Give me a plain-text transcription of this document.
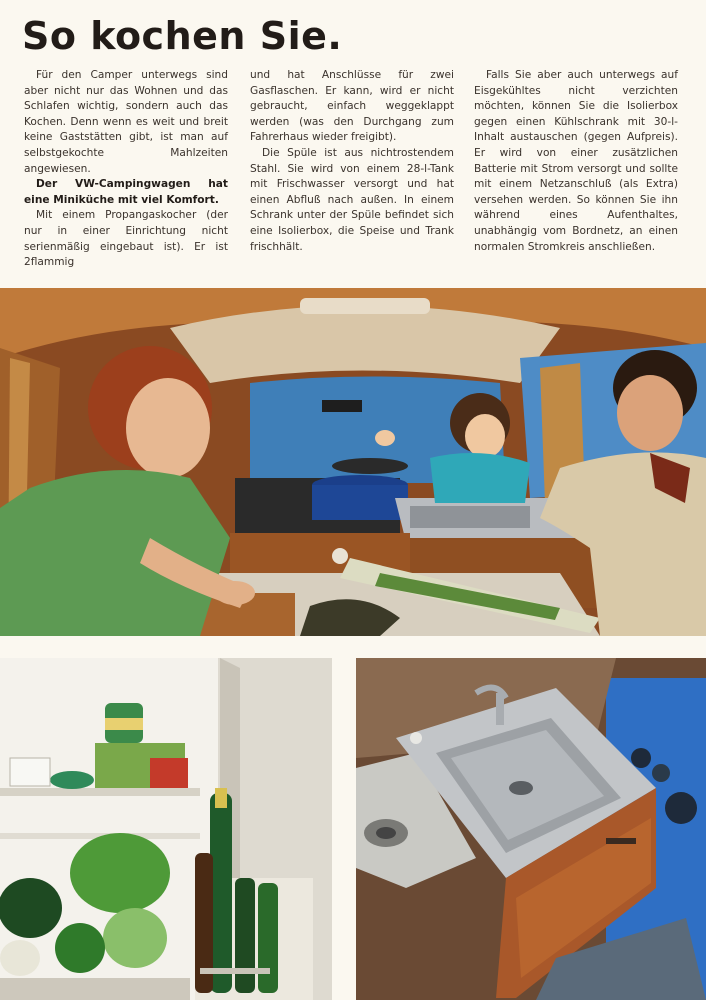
So kochen Sie.

Für den Camper unterwegs sind aber nicht nur das Wohnen und das Schlafen wichtig, sondern auch das Kochen. Denn wenn es weit und breit keine Gaststätten gibt, ist man auf selbstgekochte Mahlzeiten angewiesen.

Der VW-Campingwagen hat eine Miniküche mit viel Komfort.

Mit einem Propangaskocher (der nur in einer Einrichtung nicht serienmäßig eingebaut ist). Er ist 2flammig

und hat Anschlüsse für zwei Gasflaschen. Er kann, wird er nicht gebraucht, einfach weggeklappt werden (was den Durchgang zum Fahrerhaus wieder freigibt).

Die Spüle ist aus nichtrostendem Stahl. Sie wird von einem 28-l-Tank mit Frischwasser versorgt und hat einen Abfluß nach außen. In einem Schrank unter der Spüle befindet sich eine Isolierbox, die Speise und Trank frischhält.

Falls Sie aber auch unterwegs auf Eisgekühltes nicht verzichten möchten, können Sie die Isolierbox gegen einen Kühlschrank mit 30-l-Inhalt austauschen (gegen Aufpreis). Er wird von einer zusätzlichen Batterie mit Strom versorgt und sollte mit einem Netzanschluß (als Extra) versehen werden. So können Sie ihn während eines Aufenthaltes, unabhängig vom Bordnetz, an einen normalen Stromkreis anschließen.
